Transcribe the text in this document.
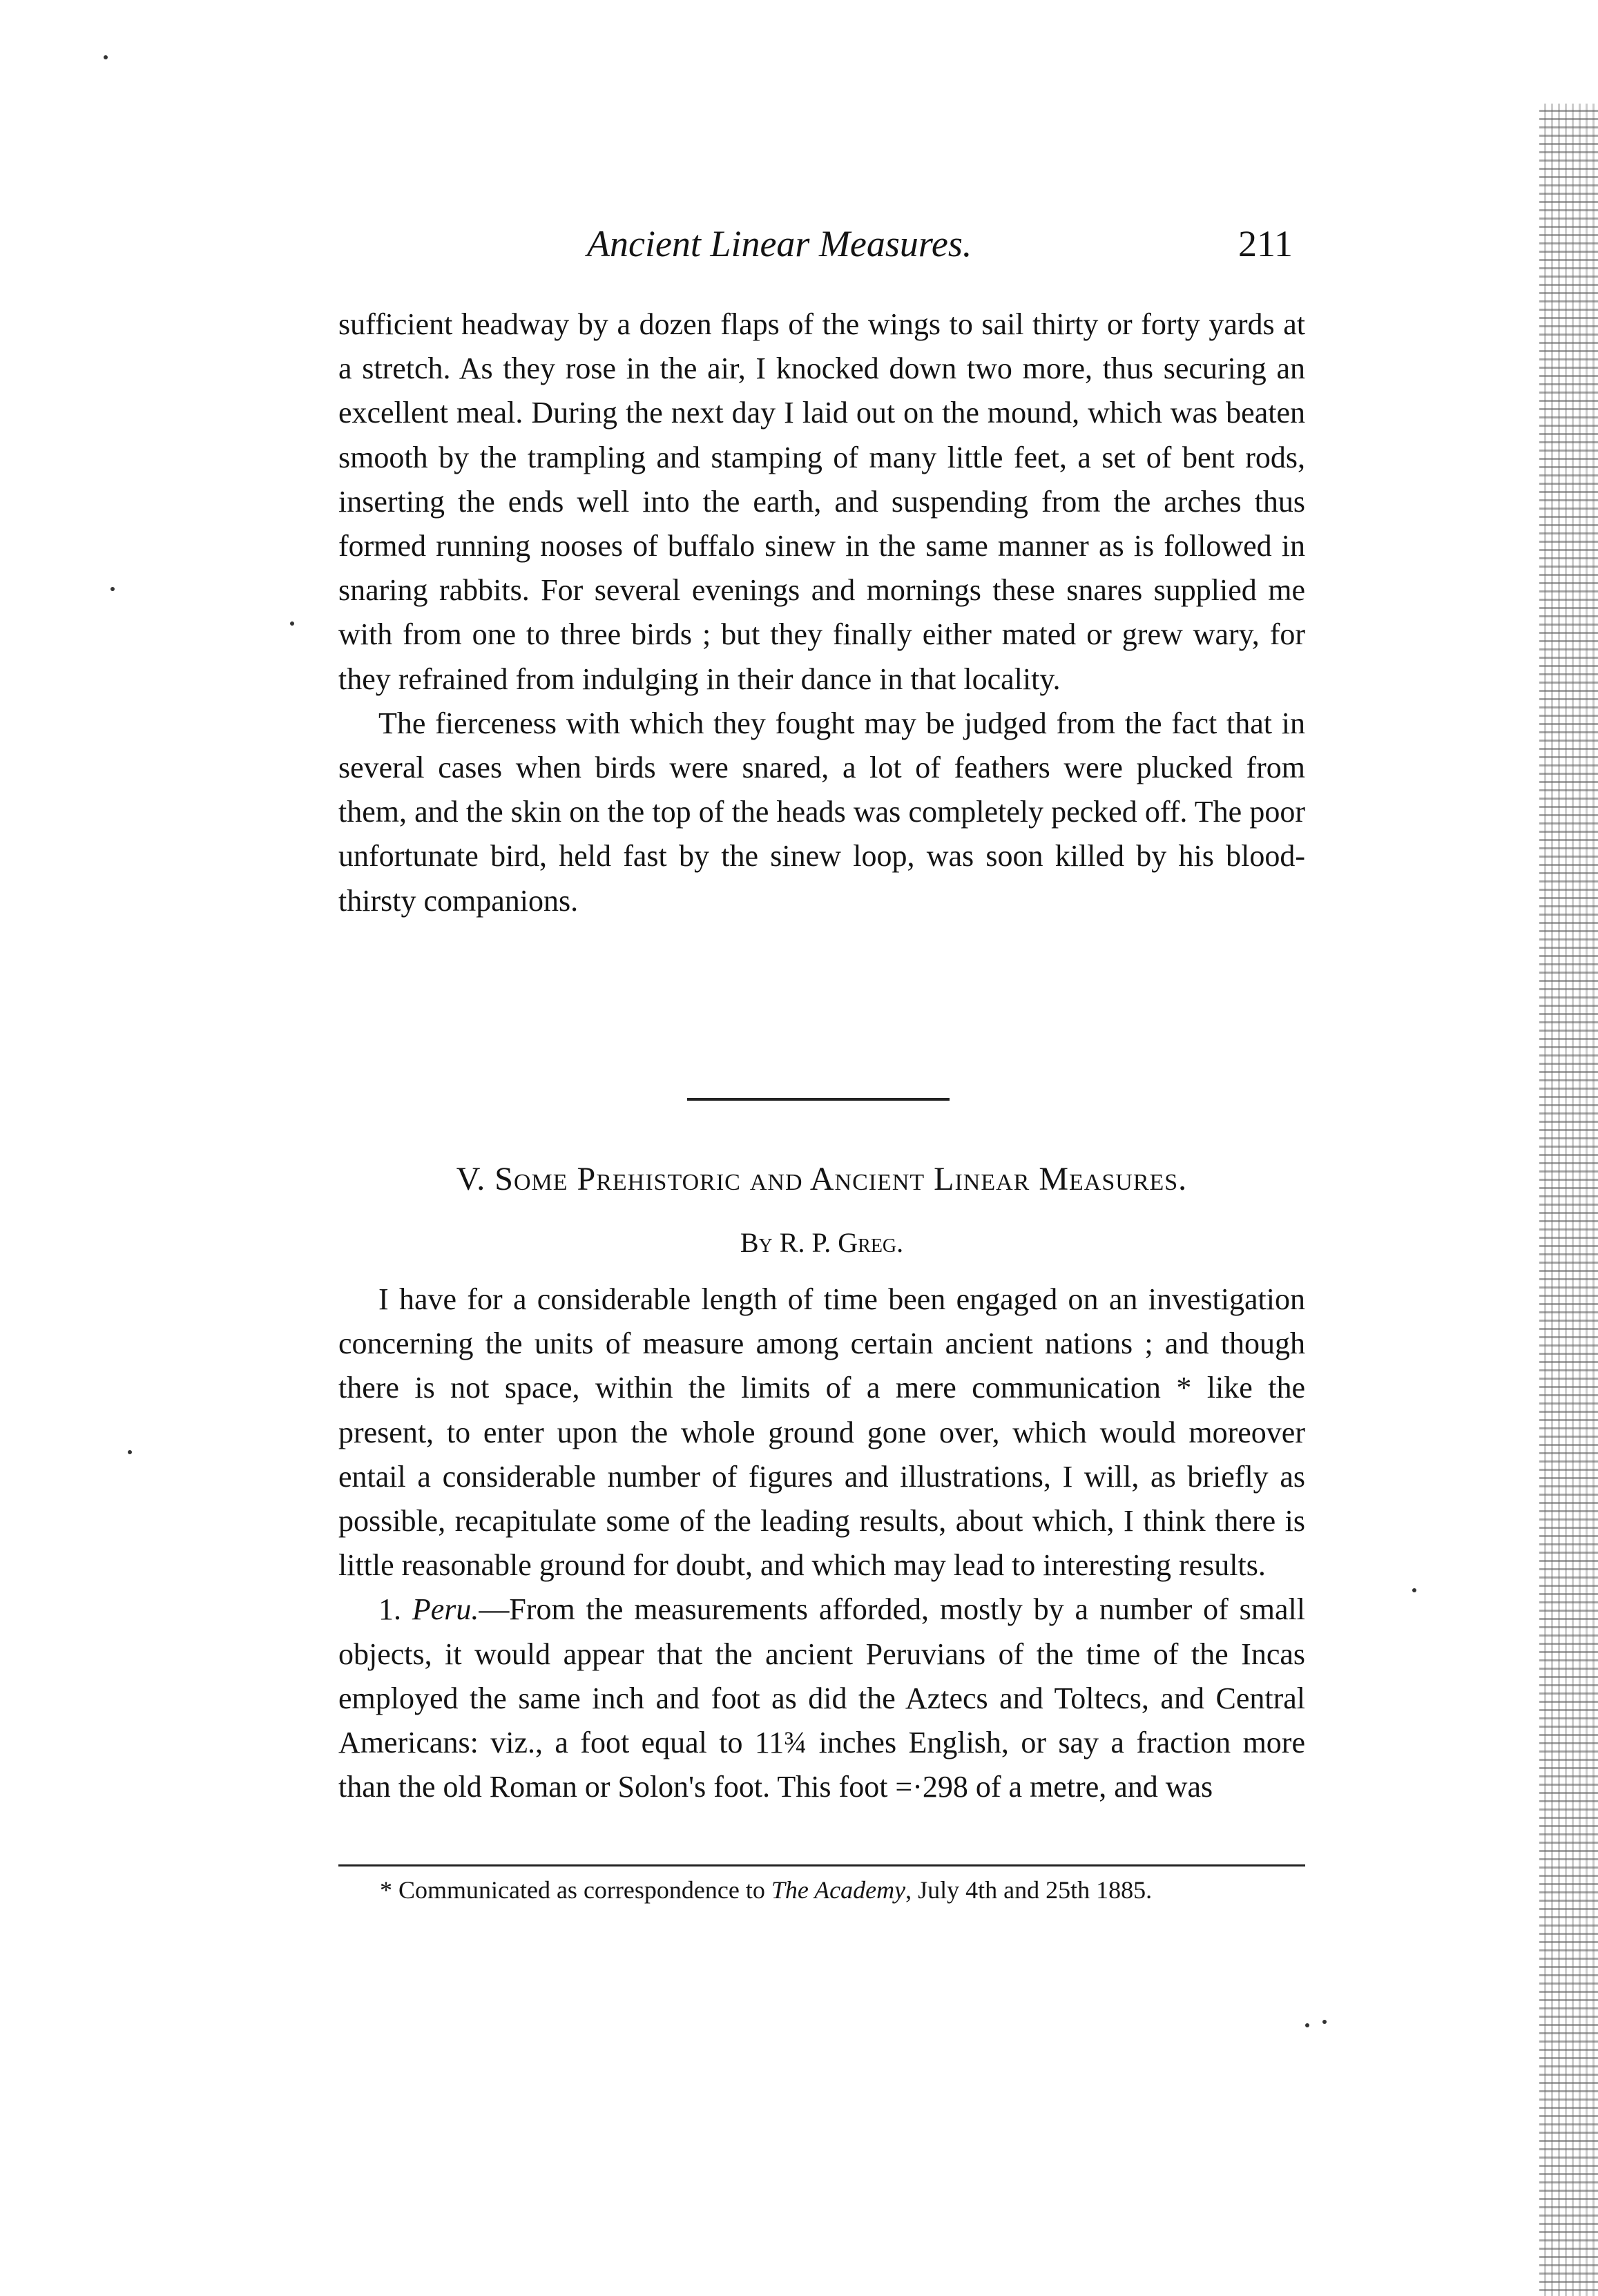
Ancient Linear Measures.	211

sufficient headway by a dozen flaps of the wings to sail thirty or forty yards at a stretch. As they rose in the air, I knocked down two more, thus securing an excellent meal. During the next day I laid out on the mound, which was beaten smooth by the trampling and stamping of many little feet, a set of bent rods, inserting the ends well into the earth, and suspending from the arches thus formed running nooses of buffalo sinew in the same manner as is followed in snaring rabbits. For several evenings and mornings these snares supplied me with from one to three birds ; but they finally either mated or grew wary, for they refrained from indulging in their dance in that locality.

The fierceness with which they fought may be judged from the fact that in several cases when birds were snared, a lot of feathers were plucked from them, and the skin on the top of the heads was completely pecked off. The poor unfortunate bird, held fast by the sinew loop, was soon killed by his blood-thirsty companions.

V. Some Prehistoric and Ancient Linear Measures.
By R. P. Greg.

I have for a considerable length of time been engaged on an investigation concerning the units of measure among certain ancient nations ; and though there is not space, within the limits of a mere communication * like the present, to enter upon the whole ground gone over, which would moreover entail a considerable number of figures and illustrations, I will, as briefly as possible, recapitulate some of the leading results, about which, I think there is little reasonable ground for doubt, and which may lead to interesting results.

1. Peru.—From the measurements afforded, mostly by a number of small objects, it would appear that the ancient Peruvians of the time of the Incas employed the same inch and foot as did the Aztecs and Toltecs, and Central Americans: viz., a foot equal to 11¾ inches English, or say a fraction more than the old Roman or Solon's foot. This foot =·298 of a metre, and was

* Communicated as correspondence to The Academy, July 4th and 25th 1885.
